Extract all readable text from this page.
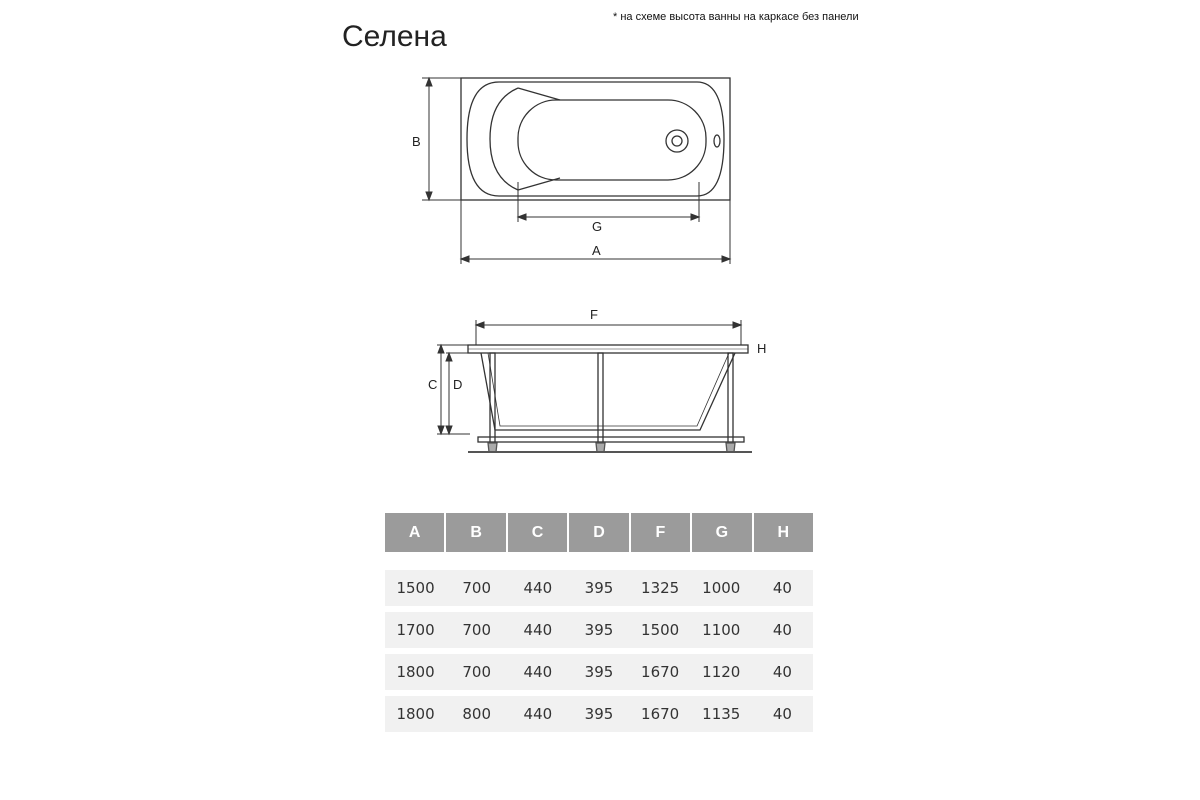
Селена
* на схеме высота ванны на каркасе без панели
B
G
A
F
C D
H
A	B	C	D	F	G	H
1500	700	440	395	1325	1000	40
1700	700	440	395	1500	1100	40
1800	700	440	395	1670	1120	40
1800	800	440	395	1670	1135	40
